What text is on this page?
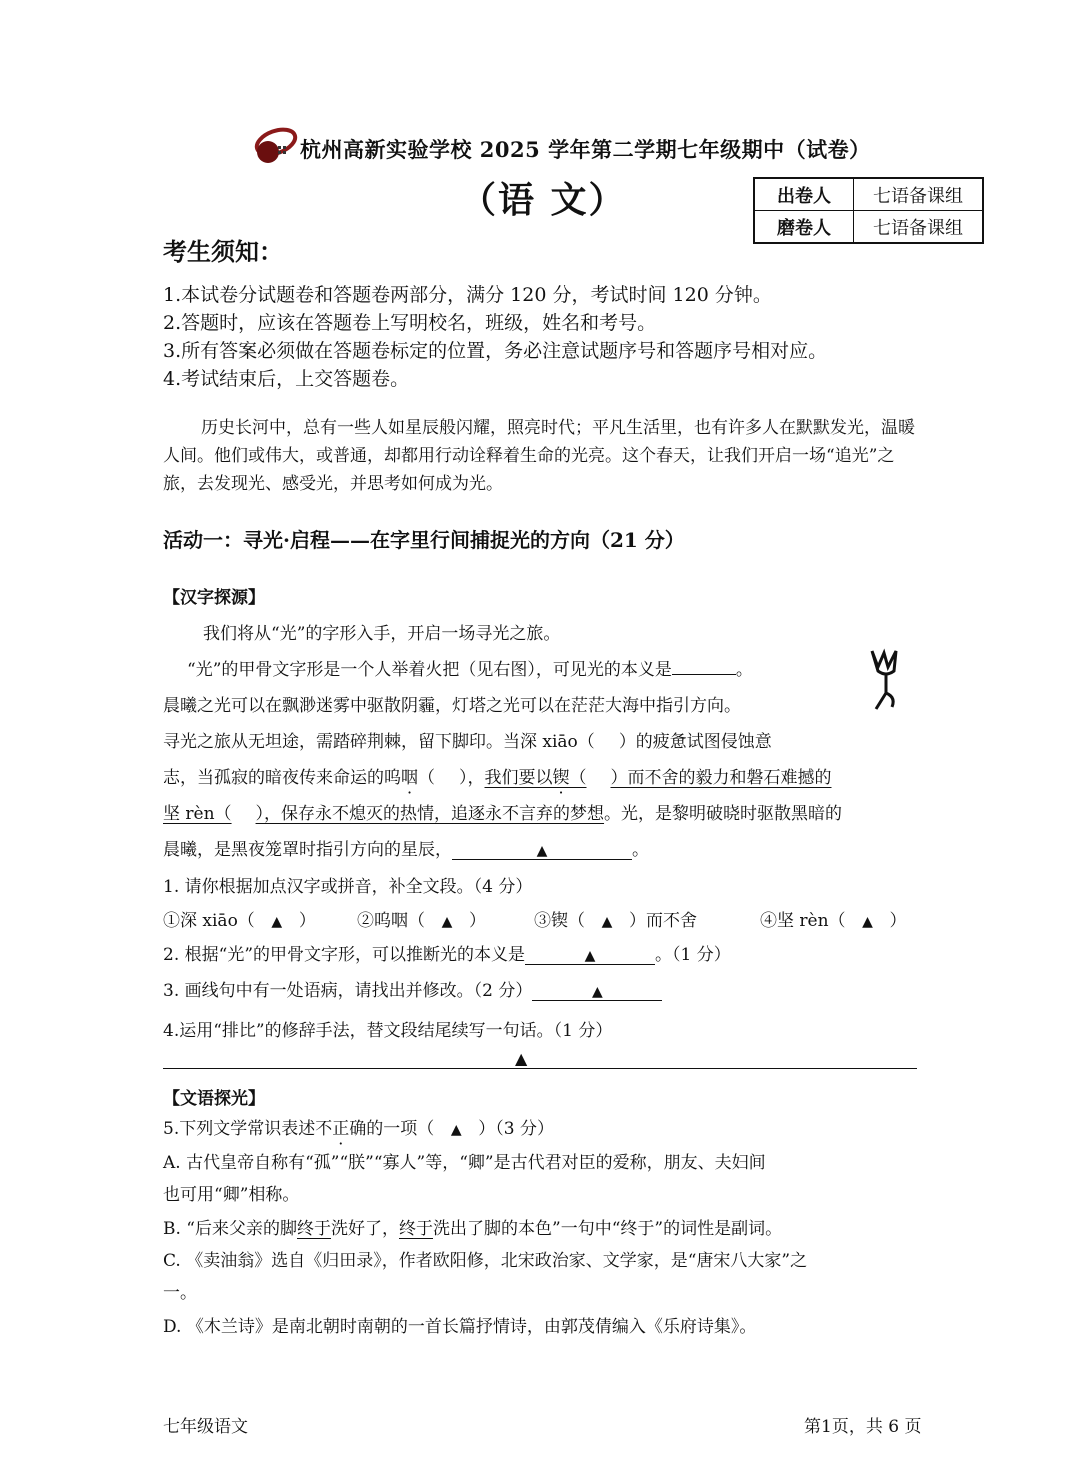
杭州高新实验学校 2025 学年第二学期七年级期中（试卷）
（语 文）	出卷人	七语备课组
磨卷人	七语备课组
考生须知：
1.本试卷分试题卷和答题卷两部分，满分 120 分，考试时间 120 分钟。
2.答题时，应该在答题卷上写明校名，班级，姓名和考号。
3.所有答案必须做在答题卷标定的位置，务必注意试题序号和答题序号相对应。
4.考试结束后，上交答题卷。
历史长河中，总有一些人如星辰般闪耀，照亮时代；平凡生活里，也有许多人在默默发光，温暖人间。他们或伟大，或普通，却都用行动诠释着生命的光亮。这个春天，让我们开启一场“追光”之旅，去发现光、感受光，并思考如何成为光。
活动一：寻光·启程——在字里行间捕捉光的方向（21 分）
【汉字探源】
我们将从“光”的字形入手，开启一场寻光之旅。
“光”的甲骨文字形是一个人举着火把（见右图），可见光的本义是	。
晨曦之光可以在飘渺迷雾中驱散阴霾，灯塔之光可以在茫茫大海中指引方向。
寻光之旅从无坦途，需踏碎荆棘，留下脚印。当深 xiāo（ ）的疲惫试图侵蚀意
志，当孤寂的暗夜传来命运的呜咽（ ），我们要以锲（ ）而不舍的毅力和磐石难撼的
坚 rèn（ ），保存永不熄灭的热情，追逐永不言弃的梦想。光，是黎明破晓时驱散黑暗的
晨曦，是黑夜笼罩时指引方向的星辰，	▲	。
1. 请你根据加点汉字或拼音，补全文段。（4 分）
①深 xiāo（ ▲ ） ②呜咽（ ▲ ）	③锲（ ▲ ）而不舍	④坚 rèn（ ▲ ）
2. 根据“光”的甲骨文字形，可以推断光的本义是	▲	。（1 分）
3. 画线句中有一处语病，请找出并修改。（2 分）	▲
4.运用“排比”的修辞手法，替文段结尾续写一句话。（1 分）
▲
【文语探光】
5.下列文学常识表述不正确的一项（ ▲ ）（3 分）
A. 古代皇帝自称有“孤”“朕”“寡人”等，“卿”是古代君对臣的爱称，朋友、夫妇间
也可用“卿”相称。
B. “后来父亲的脚终于洗好了，终于洗出了脚的本色”一句中“终于”的词性是副词。
C. 《卖油翁》选自《归田录》，作者欧阳修，北宋政治家、文学家，是“唐宋八大家”之
一。
D. 《木兰诗》是南北朝时南朝的一首长篇抒情诗，由郭茂倩编入《乐府诗集》。
七年级语文	第1页，共 6 页
